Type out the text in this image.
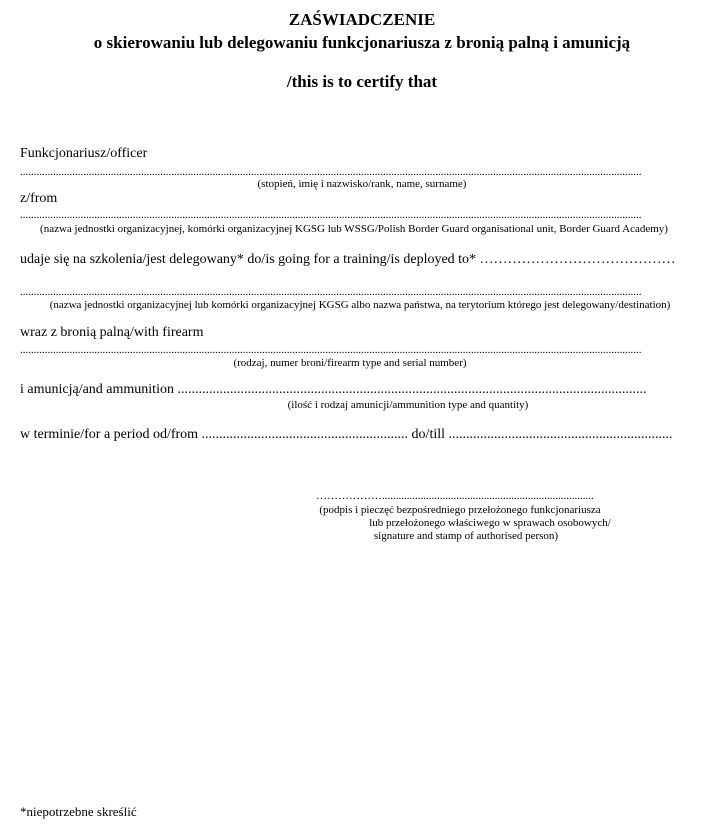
ZAŚWIADCZENIE
o skierowaniu lub delegowaniu funkcjonariusza z bronią palną i amunicją
/this is to certify that
Funkcjonariusz/officer
..................................................................................................................................................................................................................................
(stopień, imię i nazwisko/rank, name, surname)
z/from
..................................................................................................................................................................................................................................
(nazwa jednostki organizacyjnej, komórki organizacyjnej KGSG lub WSSG/Polish Border Guard organisational unit, Border Guard Academy)
udaje się na szkolenia/jest delegowany* do/is going for a training/is deployed to* ……………………………………
..................................................................................................................................................................................................................................
(nazwa jednostki organizacyjnej lub komórki organizacyjnej KGSG albo nazwa państwa, na terytorium którego jest delegowany/destination)
wraz z bronią palną/with firearm
..................................................................................................................................................................................................................................
(rodzaj, numer broni/firearm type and serial number)
i amunicją/and ammunition ......................................................................................................................................
(ilość i rodzaj amunicji/ammunition type and quantity)
w terminie/for a period od/from ........................................................... do/till ................................................................
……………….............................................................................
(podpis i pieczęć bezpośredniego przełożonego funkcjonariusza
lub przełożonego właściwego w sprawach osobowych/
signature and stamp of authorised person)
*niepotrzebne skreślić
